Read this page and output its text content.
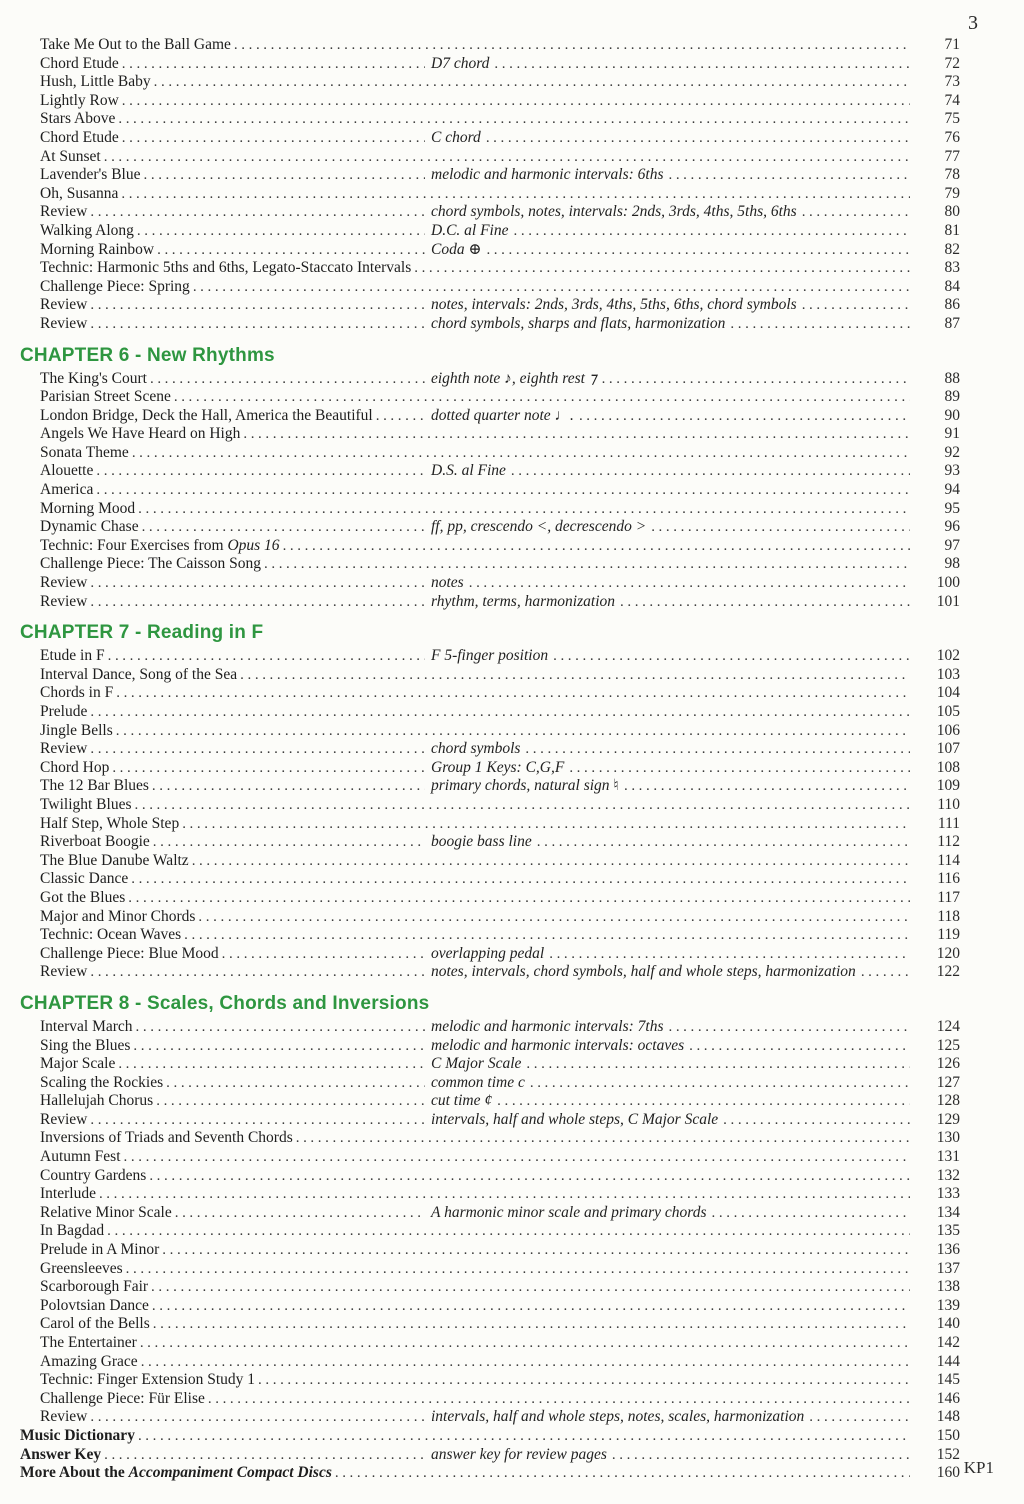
3
Take Me Out to the Ball Game .....	71
Chord Etude .....	D7 chord .....	72
Hush, Little Baby .....	73
Lightly Row .....	74
Stars Above .....	75
Chord Etude .....	C chord .....	76
At Sunset .....	77
Lavender's Blue .....	melodic and harmonic intervals: 6ths .....	78
Oh, Susanna .....	79
Review .....	chord symbols, notes, intervals: 2nds, 3rds, 4ths, 5ths, 6ths .....	80
Walking Along .....	D.C. al Fine .....	81
Morning Rainbow .....	Coda ⊕ .....	82
Technic: Harmonic 5ths and 6ths, Legato-Staccato Intervals .....	83
Challenge Piece: Spring .....	84
Review .....	notes, intervals: 2nds, 3rds, 4ths, 5ths, 6ths, chord symbols .....	86
Review .....	chord symbols, sharps and flats, harmonization .....	87
CHAPTER 6 - New Rhythms
The King's Court .....	eighth note ♪, eighth rest ⁊ .....	88
Parisian Street Scene .....	89
London Bridge, Deck the Hall, America the Beautiful .....	dotted quarter note ♩. .....	90
Angels We Have Heard on High .....	91
Sonata Theme .....	92
Alouette .....	D.S. al Fine .....	93
America .....	94
Morning Mood .....	95
Dynamic Chase .....	ff, pp, crescendo <, decrescendo > .....	96
Technic: Four Exercises from Opus 16 .....	97
Challenge Piece: The Caisson Song .....	98
Review .....	notes .....	100
Review .....	rhythm, terms, harmonization .....	101
CHAPTER 7 - Reading in F
Etude in F .....	F 5-finger position .....	102
Interval Dance, Song of the Sea .....	103
Chords in F .....	104
Prelude .....	105
Jingle Bells .....	106
Review .....	chord symbols .....	107
Chord Hop .....	Group 1 Keys: C,G,F .....	108
The 12 Bar Blues .....	primary chords, natural sign ♮ .....	109
Twilight Blues .....	110
Half Step, Whole Step .....	111
Riverboat Boogie .....	boogie bass line .....	112
The Blue Danube Waltz .....	114
Classic Dance .....	116
Got the Blues .....	117
Major and Minor Chords .....	118
Technic: Ocean Waves .....	119
Challenge Piece: Blue Mood .....	overlapping pedal .....	120
Review .....	notes, intervals, chord symbols, half and whole steps, harmonization .....	122
CHAPTER 8 - Scales, Chords and Inversions
Interval March .....	melodic and harmonic intervals: 7ths .....	124
Sing the Blues .....	melodic and harmonic intervals: octaves .....	125
Major Scale .....	C Major Scale .....	126
Scaling the Rockies .....	common time c .....	127
Hallelujah Chorus .....	cut time ¢ .....	128
Review .....	intervals, half and whole steps, C Major Scale .....	129
Inversions of Triads and Seventh Chords .....	130
Autumn Fest .....	131
Country Gardens .....	132
Interlude .....	133
Relative Minor Scale .....	A harmonic minor scale and primary chords .....	134
In Bagdad .....	135
Prelude in A Minor .....	136
Greensleeves .....	137
Scarborough Fair .....	138
Polovtsian Dance .....	139
Carol of the Bells .....	140
The Entertainer .....	142
Amazing Grace .....	144
Technic: Finger Extension Study 1 .....	145
Challenge Piece: Für Elise .....	146
Review .....	intervals, half and whole steps, notes, scales, harmonization .....	148
Music Dictionary .....	150
Answer Key .....	answer key for review pages .....	152
More About the Accompaniment Compact Discs .....	160 KP1
